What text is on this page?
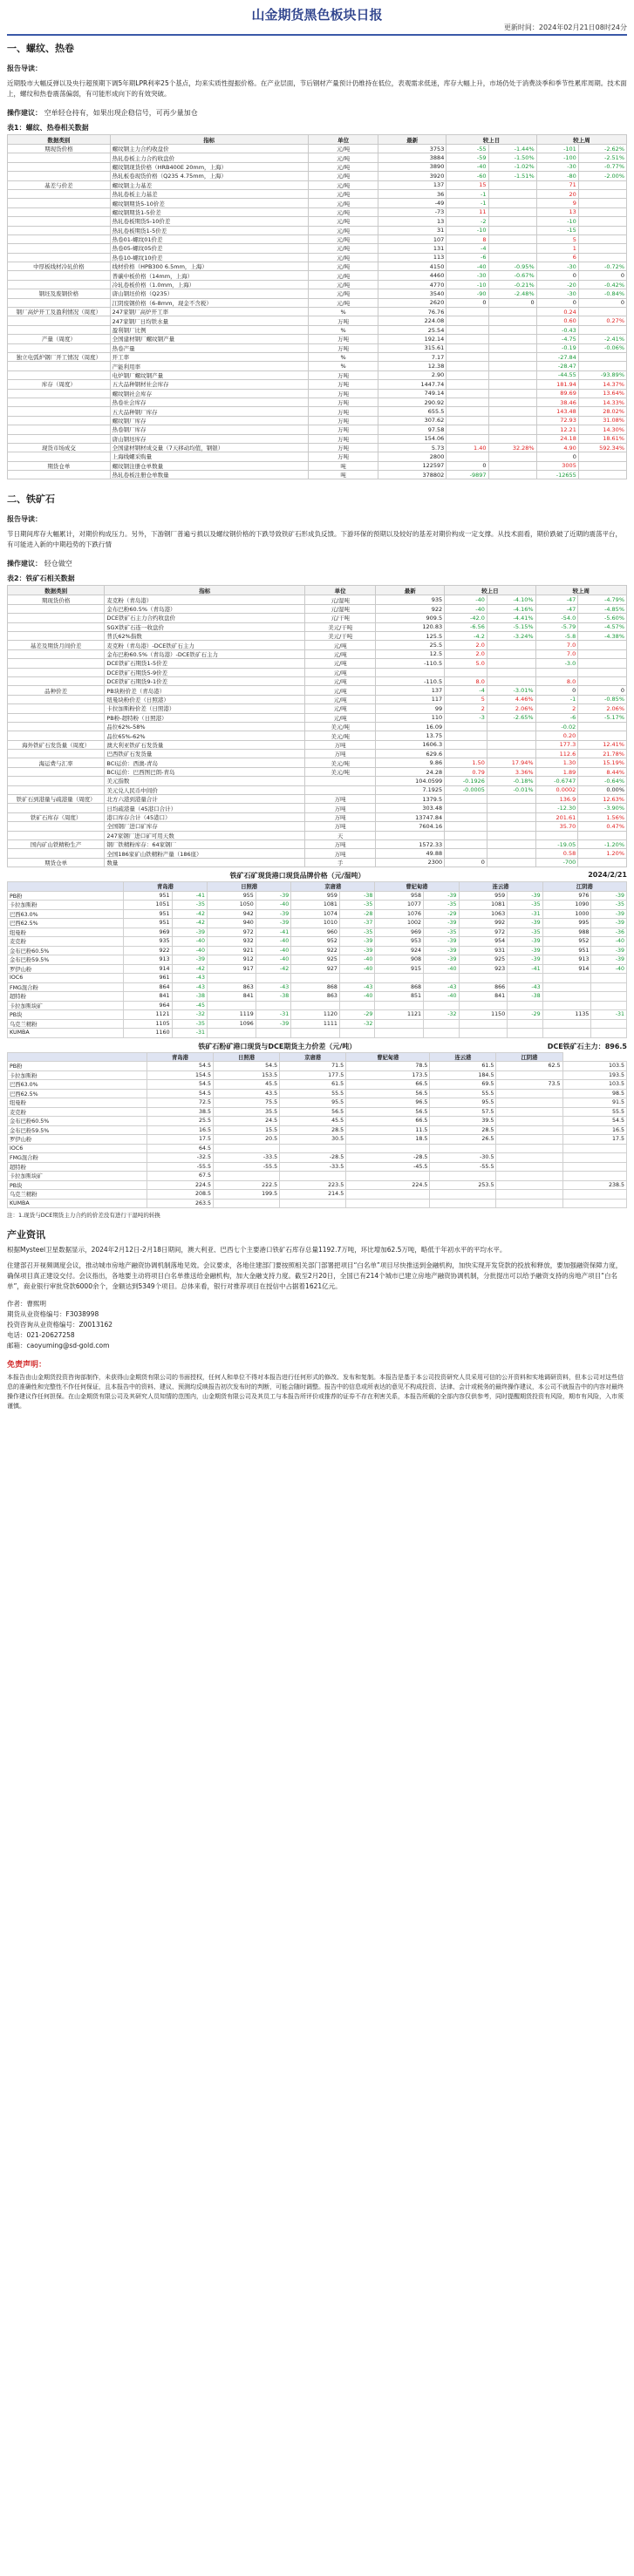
山金期货黑色板块日报
更新时间：2024年02月21日08时24分
一、螺纹、热卷
报告导读：
近期股市大幅反弹以及央行超预期下调5年期LPR利率25个基点，均来实质性提振价格。在产业层面，节后钢材产量预计仍维持在低位，表观需求低迷，库存大幅上升，市场仍处于消费淡季和季节性累库周期。技术面上，螺纹和热卷震荡偏弱，有可能形成向下的有效突破。
操作建议： 空单轻仓持有，如果出现企稳信号，可再少量加仓
表1：螺纹、热卷相关数据
数据类别	指标	单位	最新	较上日		较上周	
期现货价格	螺纹钢主力合约收盘价	元/吨	3753	-55	-1.44%	-101	-2.62%
	热轧卷板主力合约收盘价	元/吨	3884	-59	-1.50%	-100	-2.51%
	螺纹钢现货价格（HRB400E 20mm，上海）	元/吨	3890	-40	-1.02%	-30	-0.77%
	热轧板卷现货价格（Q235 4.75mm，上海）	元/吨	3920	-60	-1.51%	-80	-2.00%
基差与价差	螺纹钢主力基差	元/吨	137	15		71	
	热轧卷板主力基差	元/吨	36	-1		20	
	螺纹钢期货5-10价差	元/吨	-49	-1		9	
	螺纹钢期货1-5价差	元/吨	-73	11		13	
	热轧卷板期货5-10价差	元/吨	13	-2		-10	
	热轧卷板期货1-5价差	元/吨	31	-10		-15	
	热卷01-螺纹01价差	元/吨	107	8		5	
	热卷05-螺纹05价差	元/吨	131	-4		1	
	热卷10-螺纹10价差	元/吨	113	-6		6	
中厚板线材冷轧价格	线材价格（HPB300 6.5mm，上海）	元/吨	4150	-40	-0.95%	-30	-0.72%
	普碳中板价格（14mm，上海）	元/吨	4460	-30	-0.67%	0	0
	冷轧卷板价格（1.0mm，上海）	元/吨	4770	-10	-0.21%	-20	-0.42%
钢坯及废钢价格	唐山钢坯价格（Q235）	元/吨	3540	-90	-2.48%	-30	-0.84%
	江阴废钢价格（6-8mm，现金不含税）	元/吨	2620	0	0	0	0
钢厂高炉开工及盈利情况（周度）	247家钢厂高炉开工率	%	76.76			0.24	
	247家钢厂日均铁水量	万吨	224.08			0.60	0.27%
	盈利钢厂比例	%	25.54			-0.43	
产量（周度）	全国建材钢厂螺纹钢产量	万吨	192.14			-4.75	-2.41%
	热卷产量	万吨	315.61			-0.19	-0.06%
独立电弧炉钢厂开工情况（周度）	开工率	%	7.17			-27.84	
	产能利用率	%	12.38			-28.47	
	电炉钢厂螺纹钢产量	万吨	2.90			-44.55	-93.89%
库存（周度）	五大品种钢材社会库存	万吨	1447.74			181.94	14.37%
	螺纹钢社会库存	万吨	749.14			89.69	13.64%
	热卷社会库存	万吨	290.92			38.46	14.33%
	五大品种钢厂库存	万吨	655.5			143.48	28.02%
	螺纹钢厂库存	万吨	307.62			72.93	31.08%
	热卷钢厂库存	万吨	97.58			12.21	14.30%
	唐山钢坯库存	万吨	154.06			24.18	18.61%
现货市场成交	全国建材钢材成交量（7天移动均值，钢银）	万吨	5.73	1.40	32.28%	4.90	592.34%
	上海线螺采购量	万吨	2800			0	
期货仓单	螺纹钢注册仓单数量	吨	122597	0		3005	
	热轧卷板注册仓单数量	吨	378802	-9897		-12655	
二、铁矿石
报告导读：
节日期间库存大幅累计，对期价构成压力。另外，下游钢厂普遍亏损以及螺纹钢价格的下跌导致铁矿石形成负反馈。下游环保的预期以及较好的基差对期价构成一定支撑。从技术面看，期价跌破了近期的震荡平台，有可能进入新的中期趋势的下跌行情
操作建议： 轻仓做空
表2：铁矿石相关数据
数据类别	指标	单位	最新	较上日		较上周	
期现货价格	麦克粉（青岛港）	元/湿吨	935	-40	-4.10%	-47	-4.79%
	金布巴粉60.5%（青岛港）	元/湿吨	922	-40	-4.16%	-47	-4.85%
	DCE铁矿石主力合约收盘价	元/干吨	909.5	-42.0	-4.41%	-54.0	-5.60%
	SGX铁矿石连一收盘价	美元/干吨	120.83	-6.56	-5.15%	-5.79	-4.57%
	普氏62%指数	美元/干吨	125.5	-4.2	-3.24%	-5.8	-4.38%
基差及期货月间价差	麦克粉（青岛港）-DCE铁矿石主力	元/吨	25.5	2.0		7.0	
	金布巴粉60.5%（青岛港）-DCE铁矿石主力	元/吨	12.5	2.0		7.0	
	DCE铁矿石期货1-5价差	元/吨	-110.5	5.0		-3.0	
	DCE铁矿石期货5-9价差	元/吨					
	DCE铁矿石期货9-1价差	元/吨	-110.5	8.0		8.0	
品种价差	PB块粉价差（青岛港）	元/吨	137	-4	-3.01%	0	0
	纽曼块粉价差（日照港）	元/吨	117	5	4.46%	-1	-0.85%
	卡拉加斯粉价差（日照港）	元/吨	99	2	2.06%	2	2.06%
	PB粉-超特粉（日照港）	元/吨	110	-3	-2.65%	-6	-5.17%
	品位62%-58%	美元/吨	16.09			-0.02	
	品位65%-62%	美元/吨	13.75			0.20	
海外铁矿石发货量（周度）	澳大利亚铁矿石发货量	万吨	1606.3			177.3	12.41%
	巴西铁矿石发货量	万吨	629.6			112.6	21.78%
海运费与汇率	BCI运价：西澳-青岛	美元/吨	9.86	1.50	17.94%	1.30	15.19%
	BCI运价：巴西图巴朗-青岛	美元/吨	24.28	0.79	3.36%	1.89	8.44%
	美元指数		104.0599	-0.1926	-0.18%	-0.6747	-0.64%
	美元兑人民币中间价		7.1925	-0.0005	-0.01%	0.0002	0.00%
铁矿石到港量与疏港量（周度）	北方六港到港量合计	万吨	1379.5			136.9	12.63%
	日均疏港量（45港口合计）	万吨	303.48			-12.30	-3.90%
铁矿石库存（周度）	港口库存合计（45港口）	万吨	13747.84			201.61	1.56%
	全国钢厂进口矿库存	万吨	7604.16			35.70	0.47%
	247家钢厂进口矿可用天数	天					
国内矿山铁精粉生产	钢厂铁精粉库存：64家钢厂	万吨	1572.33			-19.05	-1.20%
	全国186家矿山铁精粉产量（186座）	万吨	49.88			0.58	1.20%
期货仓单	数量	手	2300	0		-700	
铁矿石矿现货港口现货品牌价格（元/湿吨）	2024/2/21
	青岛港		日照港		京唐港		曹妃甸港		连云港		江阴港	
PB粉	951	-41	955	-39	959	-38	958	-39	959	-39	976	-39
卡拉加斯粉	1051	-35	1050	-40	1081	-35	1077	-35	1081	-35	1090	-35
巴西63.0%	951	-42	942	-39	1074	-28	1076	-29	1063	-31	1000	-39
巴西62.5%	951	-42	940	-39	1010	-37	1002	-39	992	-39	995	-39
纽曼粉	969	-39	972	-41	960	-35	969	-35	972	-35	988	-36
麦克粉	935	-40	932	-40	952	-39	953	-39	954	-39	952	-40
金布巴粉60.5%	922	-40	921	-40	922	-39	924	-39	931	-39	951	-39
金布巴粉59.5%	913	-39	912	-40	925	-40	908	-39	925	-39	913	-39
罗伊山粉	914	-42	917	-42	927	-40	915	-40	923	-41	914	-40
IOC6	961	-43										
FMG混合粉	864	-43	863	-43	868	-43	868	-43	866	-43		
超特粉	841	-38	841	-38	863	-40	851	-40	841	-38		
卡拉加斯块矿	964	-45										
PB块	1121	-32	1119	-31	1120	-29	1121	-32	1150	-29	1135	-31
乌克兰精粉	1105	-35	1096	-39	1111	-32						
KUMBA	1160	-31										
铁矿石粉矿港口现货与DCE期货主力价差（元/吨）	DCE铁矿石主力：896.5
	青岛港	日照港	京唐港	曹妃甸港	连云港	江阴港	
PB粉	54.5	54.5	71.5	78.5	61.5	62.5	103.5
卡拉加斯粉	154.5	153.5	177.5	173.5	184.5		193.5
巴西63.0%	54.5	45.5	61.5	66.5	69.5	73.5	103.5
巴西62.5%	54.5	43.5	55.5	56.5	55.5		98.5
纽曼粉	72.5	75.5	95.5	96.5	95.5		91.5
麦克粉	38.5	35.5	56.5	56.5	57.5		55.5
金布巴粉60.5%	25.5	24.5	45.5	66.5	39.5		54.5
金布巴粉59.5%	16.5	15.5	28.5	11.5	28.5		16.5
罗伊山粉	17.5	20.5	30.5	18.5	26.5		17.5
IOC6	64.5						
FMG混合粉	-32.5	-33.5	-28.5	-28.5	-30.5		
超特粉	-55.5	-55.5	-33.5	-45.5	-55.5		
卡拉加斯块矿	67.5						
PB块	224.5	222.5	223.5	224.5	253.5		238.5
乌克兰精粉	208.5	199.5	214.5				
KUMBA	263.5						
注：1.现货与DCE期货主力合约的价差没有进行干湿吨的转换
产业资讯
根据Mysteel卫星数据显示，2024年2月12日-2月18日期间，澳大利亚、巴西七个主要港口铁矿石库存总量1192.7万吨，环比增加62.5万吨，略低于年初水平的平均水平。
住建部召开视频调度会议，推动城市房地产融资协调机制落地见效。会议要求，各地住建部门要按照相关部门部署把项目“白名单”项目尽快推送到金融机构，加快实现开发贷款的投放和释放，要加强融资保障力度，确保项目真正建设交付。会议指出，各地要主动将项目白名单推送给金融机构，加大金融支持力度。截至2月20日，全国已有214个城市已建立房地产融资协调机制，分批提出可以给予融资支持的房地产项目“白名单”，商业银行审批贷款6000余个，金额达到5349个项目。总体来看，银行对推荐项目在授信中占据着1621亿元。
作者：曹熙明
期货从业资格编号：F3038998
投资咨询从业资格编号：Z0013162
电话：021-20627258
邮箱：caoyuming@sd-gold.com
免责声明：
本报告由山金期货投资咨询部制作，未获得山金期货有限公司的书面授权，任何人和单位不得对本报告进行任何形式的修改、发布和复制。本报告是基于本公司投资研究人员采用可信的公开资料和实地调研资料，但本公司对这些信息的准确性和完整性不作任何保证，且本报告中的资料、建议、预测均反映报告初次发布时的判断，可能会随时调整。报告中的信息或所表达的意见不构成投资、法律、会计或税务的最终操作建议，本公司不就报告中的内容对最终操作建议作任何担保。在山金期货有限公司及其研究人员知情的范围内，山金期货有限公司及其员工与本报告所评价或推荐的证券不存在利害关系，本报告所载的全部内容仅供参考，同时提醒期货投资有风险，期市有风险，入市须谨慎。
